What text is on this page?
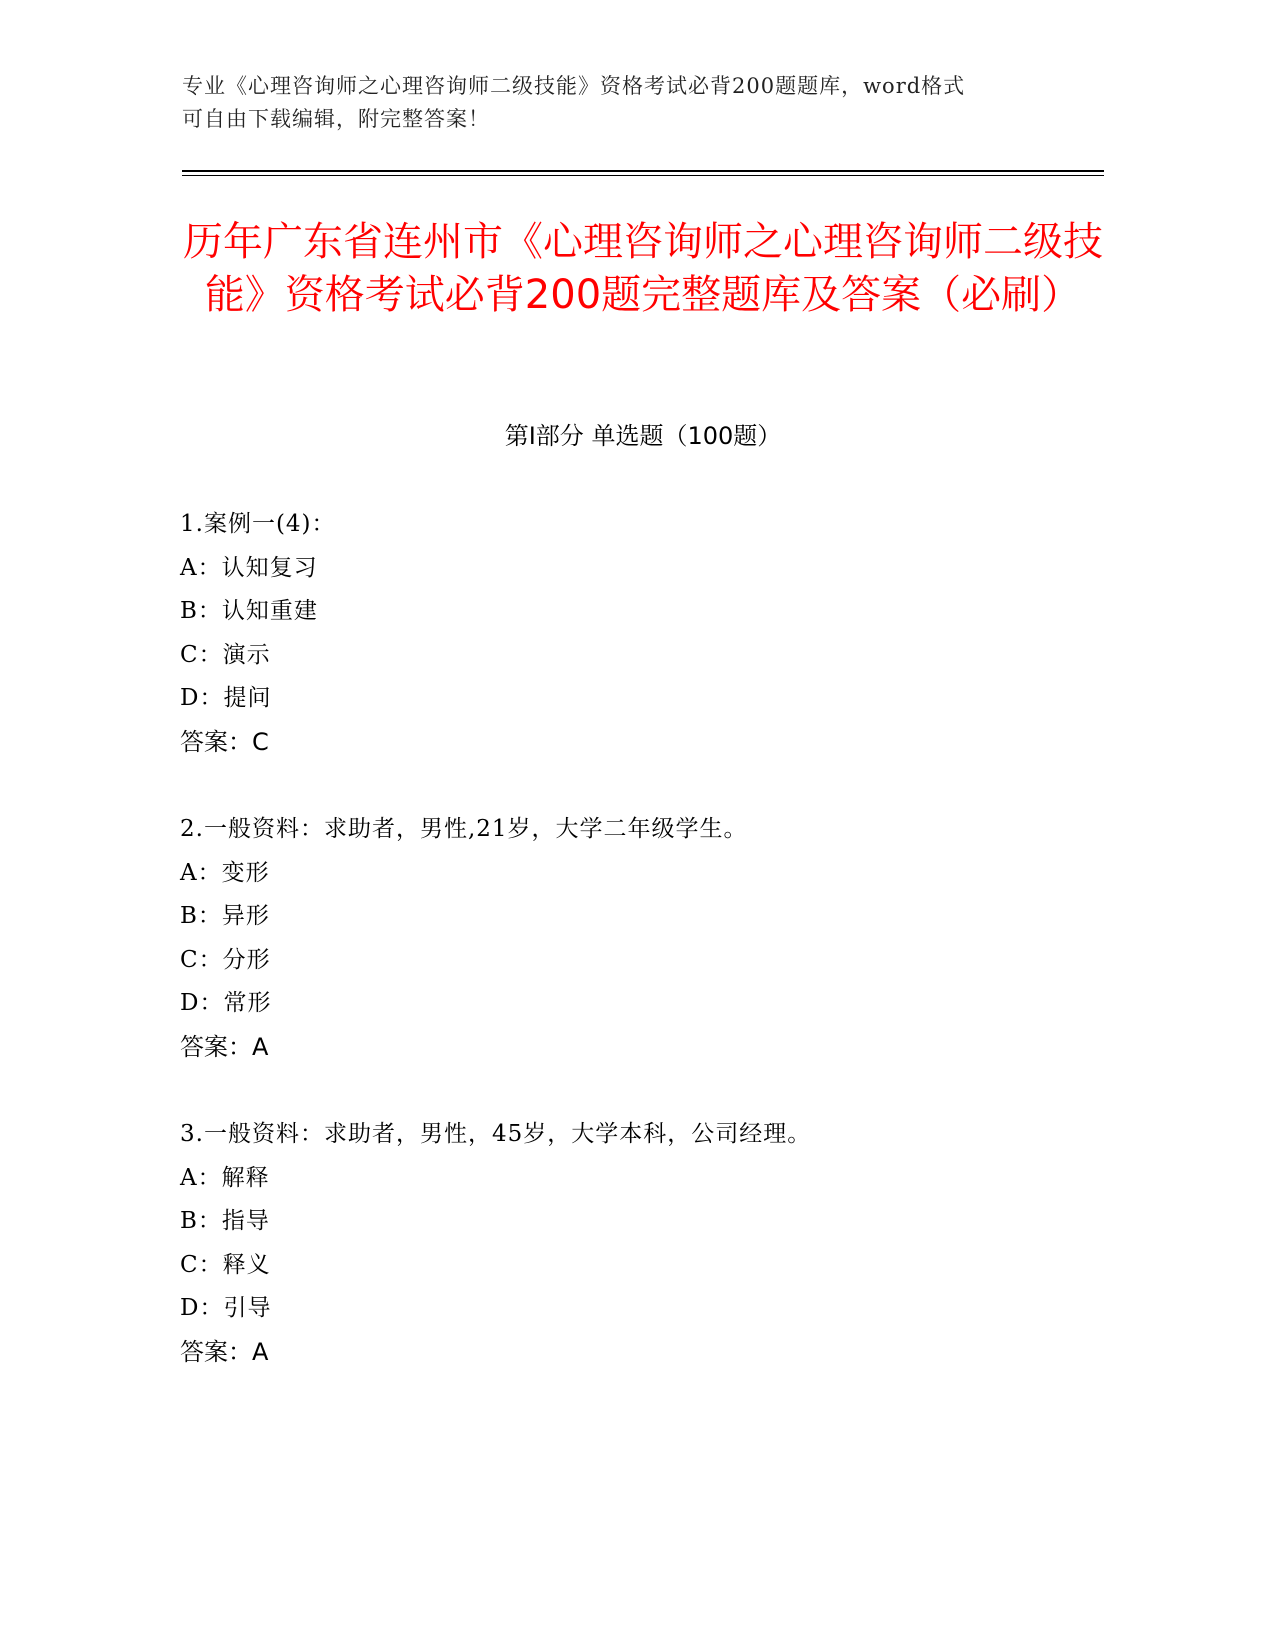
专业《心理咨询师之心理咨询师二级技能》资格考试必背200题题库，word格式
可自由下载编辑，附完整答案！
历年广东省连州市《心理咨询师之心理咨询师二级技能》资格考试必背200题完整题库及答案（必刷）
第Ⅰ部分 单选题（100题）
1.案例一(4)：
A：认知复习
B：认知重建
C：演示
D：提问
答案：C
2.一般资料：求助者，男性,21岁，大学二年级学生。
A：变形
B：异形
C：分形
D：常形
答案：A
3.一般资料：求助者，男性，45岁，大学本科，公司经理。
A：解释
B：指导
C：释义
D：引导
答案：A
